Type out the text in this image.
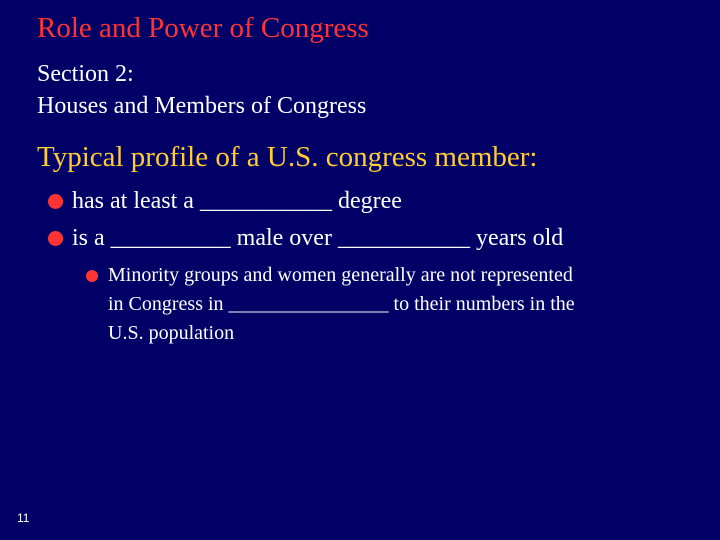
Role and Power of Congress
Section 2:
Houses and Members of Congress
Typical profile of a U.S. congress member:
has at least a ___________ degree
is a __________ male over ___________ years old
Minority groups and women generally are not represented
in Congress in ________________ to their numbers in the
U.S. population
11
